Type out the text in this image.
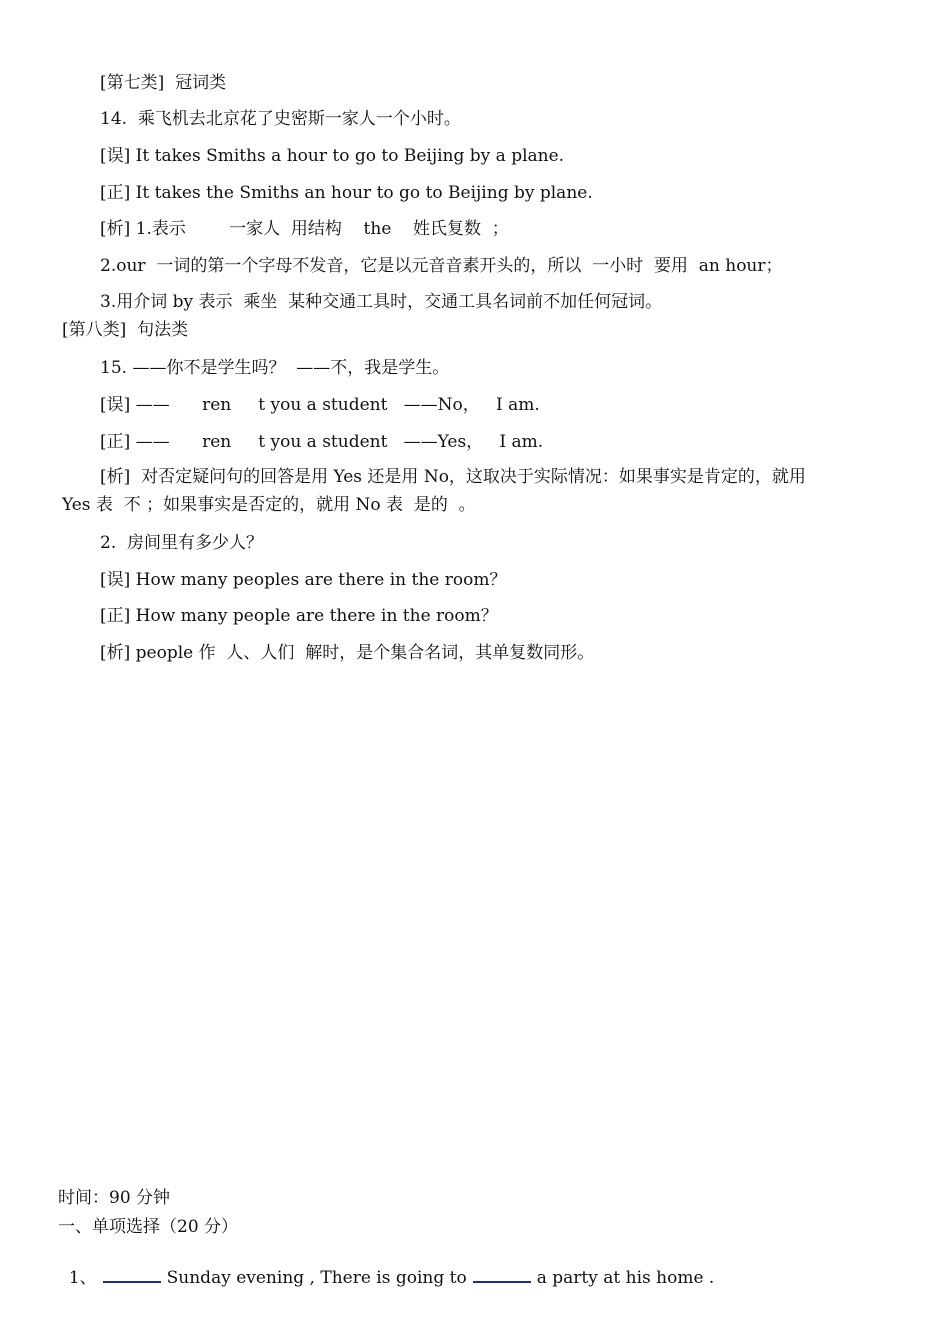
[第七类]  冠词类
14.  乘飞机去北京花了史密斯一家人一个小时。
[误] It takes Smiths a hour to go to Beijing by a plane.
[正] It takes the Smiths an hour to go to Beijing by plane.
[析] 1.表示        一家人  用结构    the    姓氏复数  ；
2.our  一词的第一个字母不发音，它是以元音音素开头的，所以  一小时  要用  an hour；
3.用介词 by 表示  乘坐  某种交通工具时，交通工具名词前不加任何冠词。
[第八类]  句法类
15. ——你不是学生吗？  ——不，我是学生。
[误] ——      ren     t you a student   ——No，   I am.
[正] ——      ren     t you a student   ——Yes，   I am.
[析]  对否定疑问句的回答是用 Yes 还是用 No，这取决于实际情况：如果事实是肯定的，就用
Yes 表  不 ；如果事实是否定的，就用 No 表  是的  。
2.  房间里有多少人？
[误] How many peoples are there in the room？
[正] How many people are there in the room？
[析] people 作  人、人们  解时，是个集合名词，其单复数同形。
时间：90 分钟
一、单项选择（20 分）

1、	Sunday evening , There is going to	a party at his home .
